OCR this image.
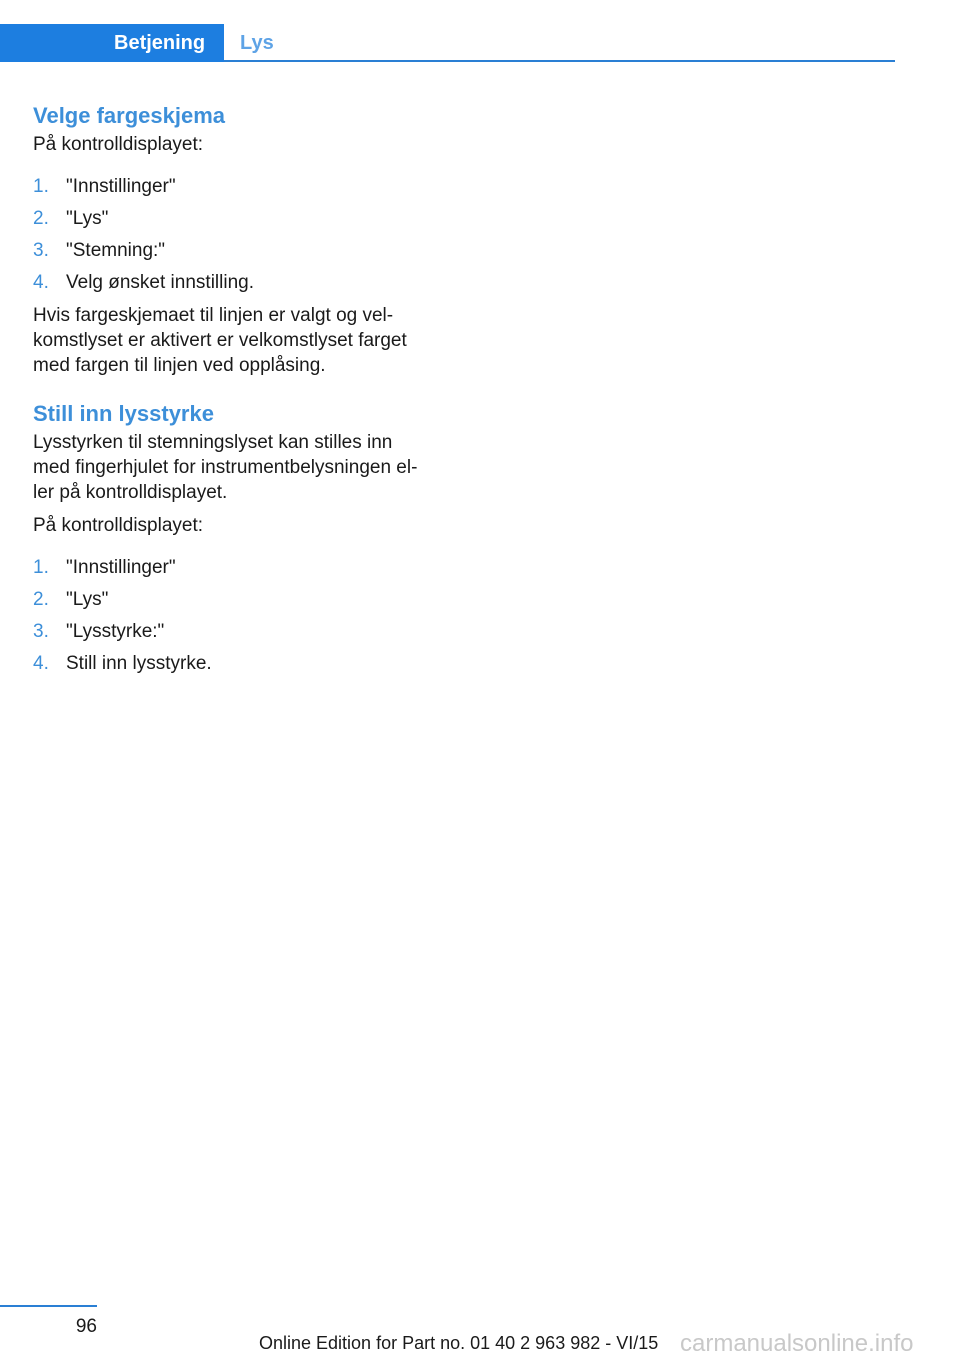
Betjening	Lys
Velge fargeskjema

På kontrolldisplayet:

1. "Innstillinger"
2. "Lys"
3. "Stemning:"
4. Velg ønsket innstilling.

Hvis fargeskjemaet til linjen er valgt og vel‐

komstlyset er aktivert er velkomstlyset farget

med fargen til linjen ved opplåsing.

Still inn lysstyrke

Lysstyrken til stemningslyset kan stilles inn

med fingerhjulet for instrumentbelysningen el‐

ler på kontrolldisplayet.

På kontrolldisplayet:

1. "Innstillinger"
2. "Lys"
3. "Lysstyrke:"
4. Still inn lysstyrke.
96
Online Edition for Part no. 01 40 2 963 982 - VI/15 carmanualsonline.info
